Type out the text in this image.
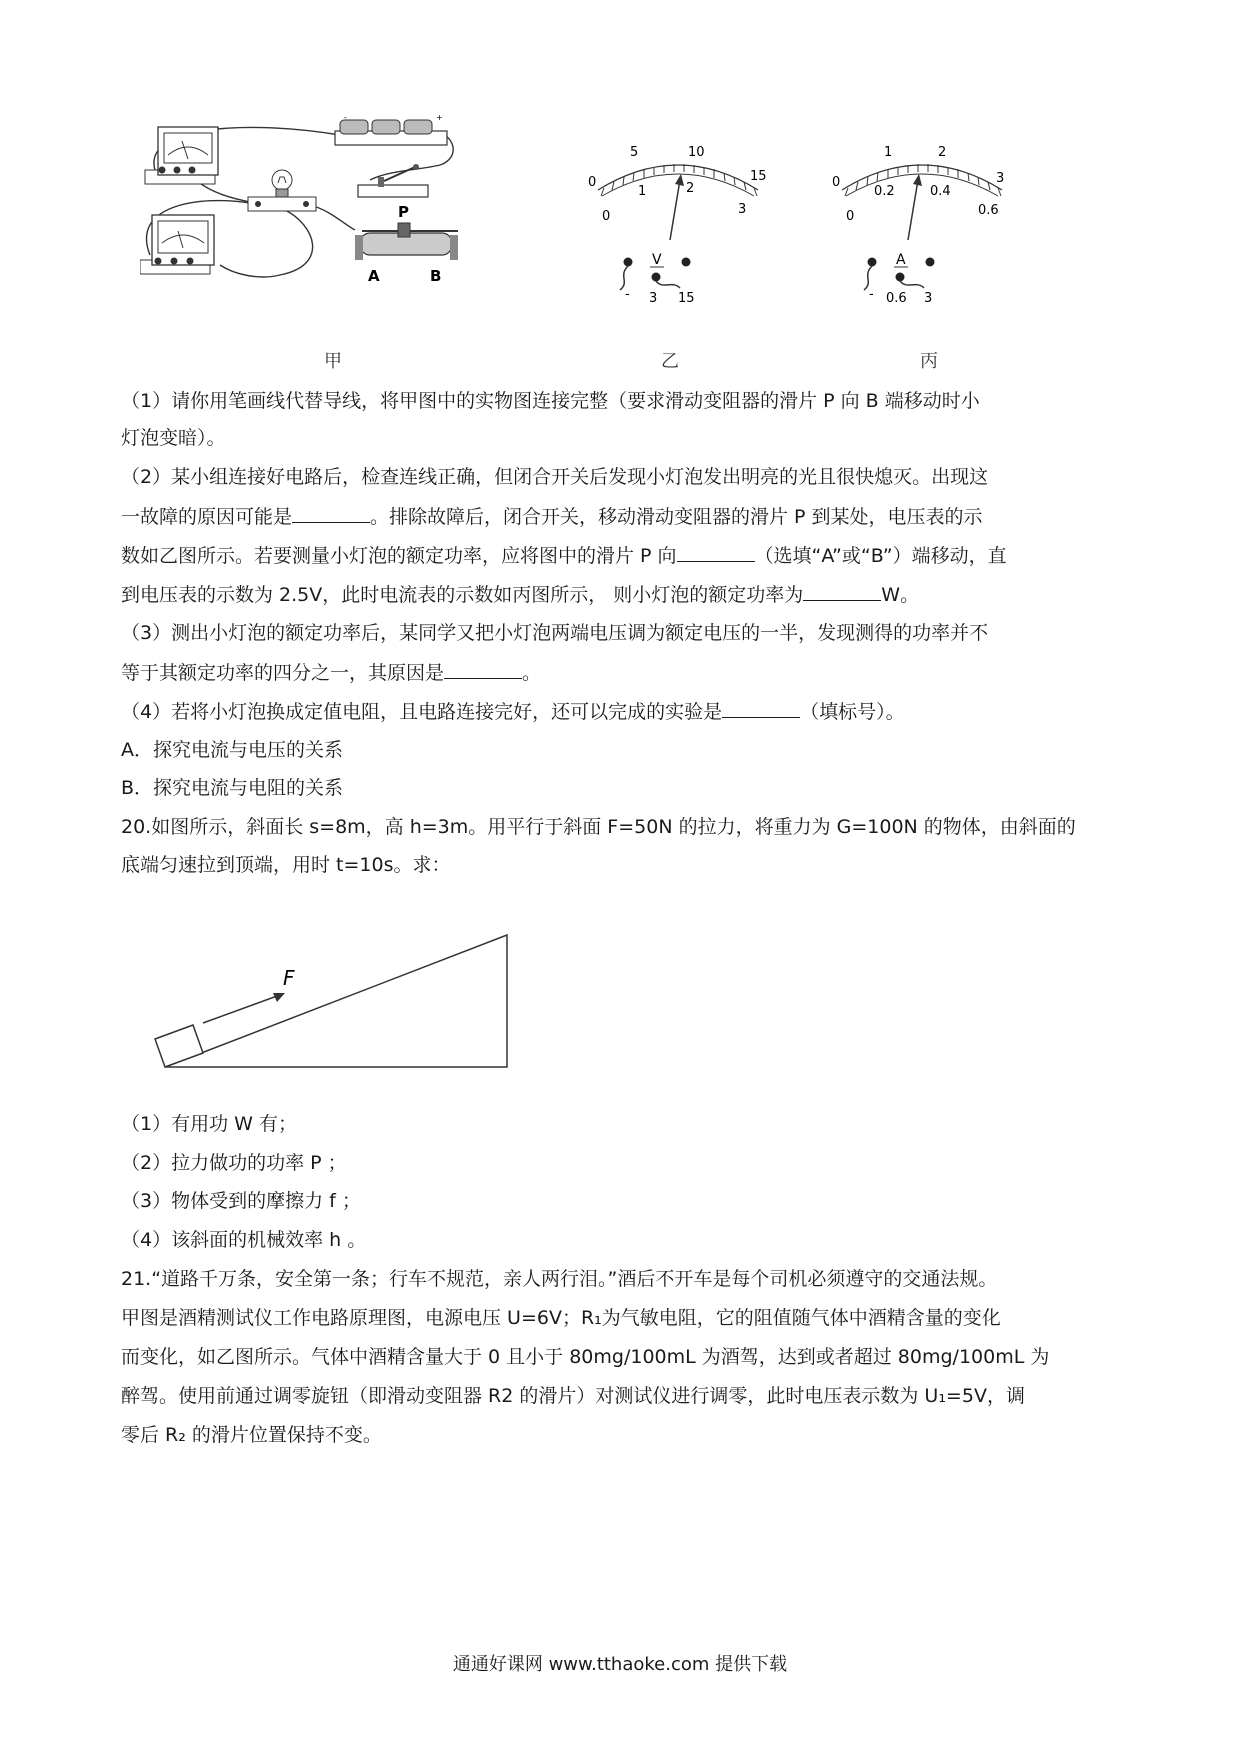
-	+
P
A	B
0
5	10
15
0
1	2
3
V
- 3 15
0
1	2
3
0
0.2	0.4
0.6
A
- 0.6 3
甲	乙	丙
（1）请你用笔画线代替导线，将甲图中的实物图连接完整（要求滑动变阻器的滑片 P 向 B 端移动时小
灯泡变暗）。
（2）某小组连接好电路后，检查连线正确，但闭合开关后发现小灯泡发出明亮的光且很快熄灭。出现这
一故障的原因可能是	。排除故障后，闭合开关，移动滑动变阻器的滑片 P 到某处，电压表的示
数如乙图所示。若要测量小灯泡的额定功率，应将图中的滑片 P 向	（选填“A”或“B”）端移动，直
到电压表的示数为 2.5V，此时电流表的示数如丙图所示， 则小灯泡的额定功率为	W。
（3）测出小灯泡的额定功率后，某同学又把小灯泡两端电压调为额定电压的一半，发现测得的功率并不
等于其额定功率的四分之一，其原因是	。
（4）若将小灯泡换成定值电阻，且电路连接完好，还可以完成的实验是	（填标号）。
A．探究电流与电压的关系
B．探究电流与电阻的关系
20.如图所示，斜面长 s=8m，高 h=3m。用平行于斜面 F=50N 的拉力，将重力为 G=100N 的物体，由斜面的
底端匀速拉到顶端，用时 t=10s。求：
F
（1）有用功 W 有；
（2）拉力做功的功率 P ；
（3）物体受到的摩擦力 f ；
（4）该斜面的机械效率 h 。
21.“道路千万条，安全第一条；行车不规范，亲人两行泪。”酒后不开车是每个司机必须遵守的交通法规。
甲图是酒精测试仪工作电路原理图，电源电压 U=6V；R₁为气敏电阻，它的阻值随气体中酒精含量的变化
而变化，如乙图所示。气体中酒精含量大于 0 且小于 80mg/100mL 为酒驾，达到或者超过 80mg/100mL 为
醉驾。使用前通过调零旋钮（即滑动变阻器 R2 的滑片）对测试仪进行调零，此时电压表示数为 U₁=5V，调
零后 R₂ 的滑片位置保持不变。
通通好课网 www.tthaoke.com 提供下载
